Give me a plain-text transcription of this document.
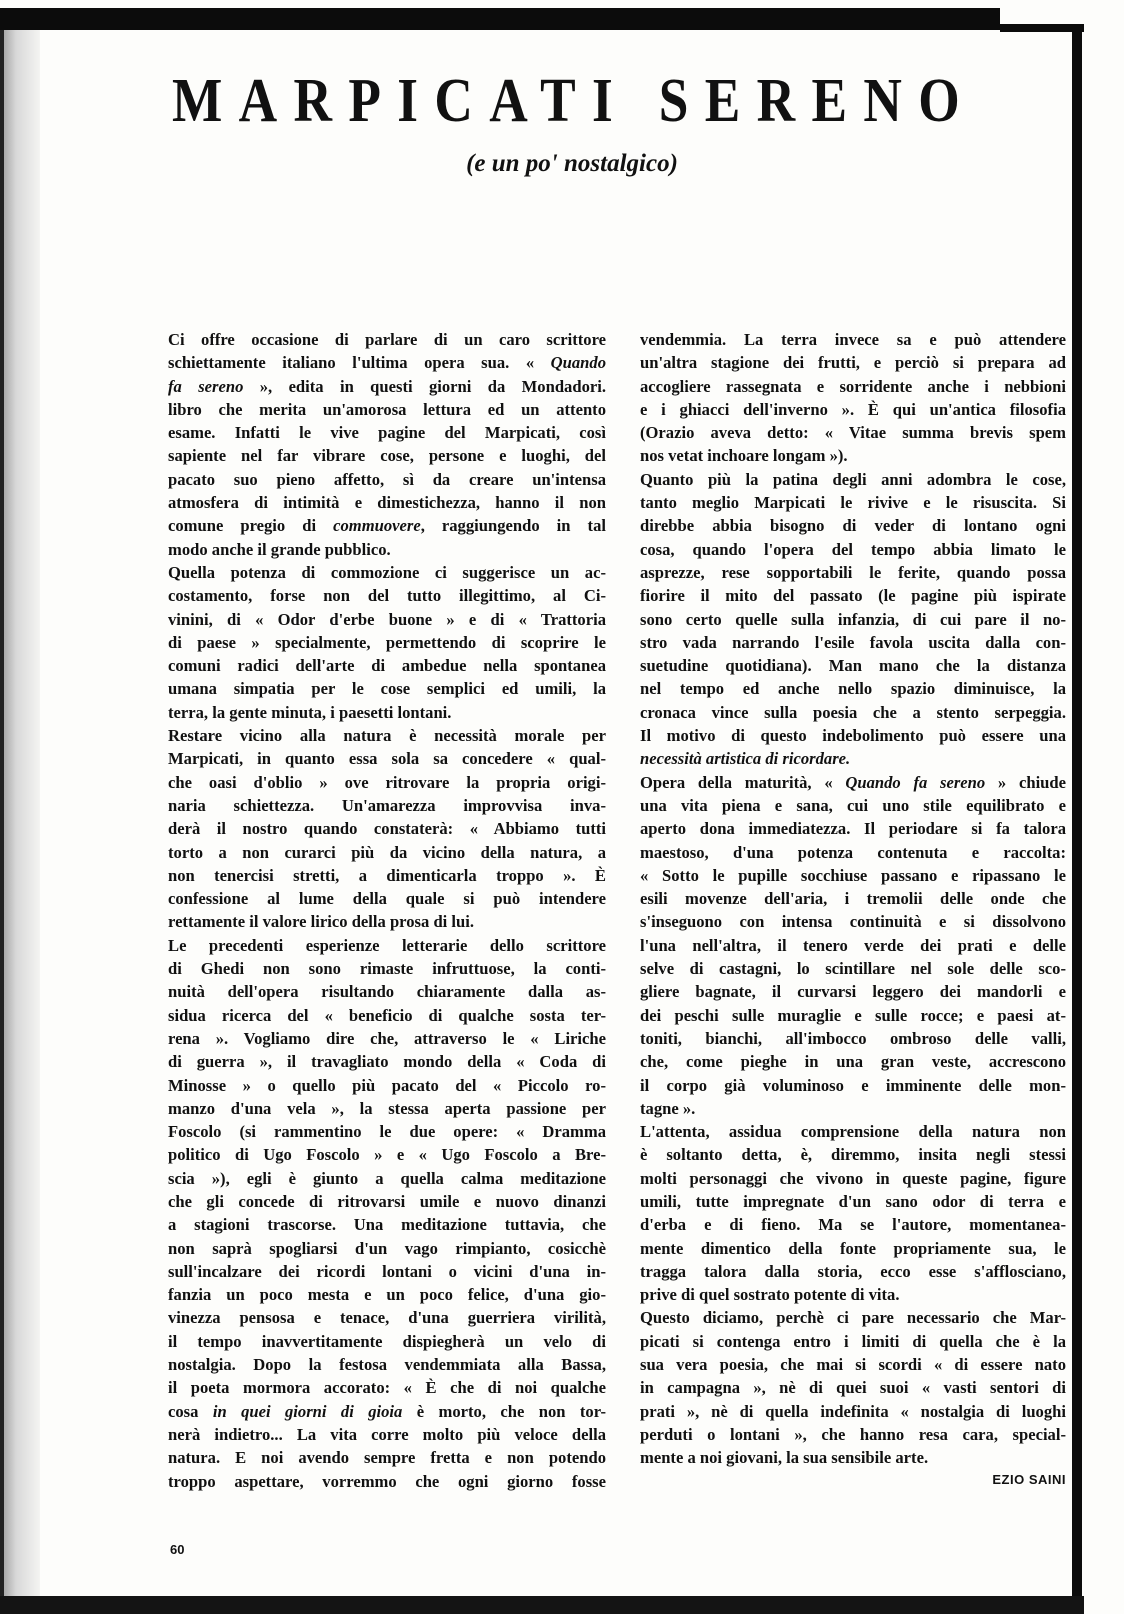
MARPICATI SERENO
(e un po' nostalgico)
Ci offre occasione di parlare di un caro scrittore
schiettamente italiano l'ultima opera sua. « Quando
fa sereno », edita in questi giorni da Mondadori.
libro che merita un'amorosa lettura ed un attento
esame. Infatti le vive pagine del Marpicati, così
sapiente nel far vibrare cose, persone e luoghi, del
pacato suo pieno affetto, sì da creare un'intensa
atmosfera di intimità e dimestichezza, hanno il non
comune pregio di commuovere, raggiungendo in tal
modo anche il grande pubblico.
Quella potenza di commozione ci suggerisce un ac-
costamento, forse non del tutto illegittimo, al Ci-
vinini, di « Odor d'erbe buone » e di « Trattoria
di paese » specialmente, permettendo di scoprire le
comuni radici dell'arte di ambedue nella spontanea
umana simpatia per le cose semplici ed umili, la
terra, la gente minuta, i paesetti lontani.
Restare vicino alla natura è necessità morale per
Marpicati, in quanto essa sola sa concedere « qual-
che oasi d'oblio » ove ritrovare la propria origi-
naria schiettezza. Un'amarezza improvvisa inva-
derà il nostro quando constaterà: « Abbiamo tutti
torto a non curarci più da vicino della natura, a
non tenercisi stretti, a dimenticarla troppo ». È
confessione al lume della quale si può intendere
rettamente il valore lirico della prosa di lui.
Le precedenti esperienze letterarie dello scrittore
di Ghedi non sono rimaste infruttuose, la conti-
nuità dell'opera risultando chiaramente dalla as-
sidua ricerca del « beneficio di qualche sosta ter-
rena ». Vogliamo dire che, attraverso le « Liriche
di guerra », il travagliato mondo della « Coda di
Minosse » o quello più pacato del « Piccolo ro-
manzo d'una vela », la stessa aperta passione per
Foscolo (si rammentino le due opere: « Dramma
politico di Ugo Foscolo » e « Ugo Foscolo a Bre-
scia »), egli è giunto a quella calma meditazione
che gli concede di ritrovarsi umile e nuovo dinanzi
a stagioni trascorse. Una meditazione tuttavia, che
non saprà spogliarsi d'un vago rimpianto, cosicchè
sull'incalzare dei ricordi lontani o vicini d'una in-
fanzia un poco mesta e un poco felice, d'una gio-
vinezza pensosa e tenace, d'una guerriera virilità,
il tempo inavvertitamente dispiegherà un velo di
nostalgia. Dopo la festosa vendemmiata alla Bassa,
il poeta mormora accorato: « È che di noi qualche
cosa in quei giorni di gioia è morto, che non tor-
nerà indietro... La vita corre molto più veloce della
natura. E noi avendo sempre fretta e non potendo
troppo aspettare, vorremmo che ogni giorno fosse
vendemmia. La terra invece sa e può attendere
un'altra stagione dei frutti, e perciò si prepara ad
accogliere rassegnata e sorridente anche i nebbioni
e i ghiacci dell'inverno ». È qui un'antica filosofia
(Orazio aveva detto: « Vitae summa brevis spem
nos vetat inchoare longam »).
Quanto più la patina degli anni adombra le cose,
tanto meglio Marpicati le rivive e le risuscita. Si
direbbe abbia bisogno di veder di lontano ogni
cosa, quando l'opera del tempo abbia limato le
asprezze, rese sopportabili le ferite, quando possa
fiorire il mito del passato (le pagine più ispirate
sono certo quelle sulla infanzia, di cui pare il no-
stro vada narrando l'esile favola uscita dalla con-
suetudine quotidiana). Man mano che la distanza
nel tempo ed anche nello spazio diminuisce, la
cronaca vince sulla poesia che a stento serpeggia.
Il motivo di questo indebolimento può essere una
necessità artistica di ricordare.
Opera della maturità, « Quando fa sereno » chiude
una vita piena e sana, cui uno stile equilibrato e
aperto dona immediatezza. Il periodare si fa talora
maestoso, d'una potenza contenuta e raccolta:
« Sotto le pupille socchiuse passano e ripassano le
esili movenze dell'aria, i tremolii delle onde che
s'inseguono con intensa continuità e si dissolvono
l'una nell'altra, il tenero verde dei prati e delle
selve di castagni, lo scintillare nel sole delle sco-
gliere bagnate, il curvarsi leggero dei mandorli e
dei peschi sulle muraglie e sulle rocce; e paesi at-
toniti, bianchi, all'imbocco ombroso delle valli,
che, come pieghe in una gran veste, accrescono
il corpo già voluminoso e imminente delle mon-
tagne ».
L'attenta, assidua comprensione della natura non
è soltanto detta, è, diremmo, insita negli stessi
molti personaggi che vivono in queste pagine, figure
umili, tutte impregnate d'un sano odor di terra e
d'erba e di fieno. Ma se l'autore, momentanea-
mente dimentico della fonte propriamente sua, le
tragga talora dalla storia, ecco esse s'afflosciano,
prive di quel sostrato potente di vita.
Questo diciamo, perchè ci pare necessario che Mar-
picati si contenga entro i limiti di quella che è la
sua vera poesia, che mai si scordi « di essere nato
in campagna », nè di quei suoi « vasti sentori di
prati », nè di quella indefinita « nostalgia di luoghi
perduti o lontani », che hanno resa cara, special-
mente a noi giovani, la sua sensibile arte.
EZIO SAINI
60
